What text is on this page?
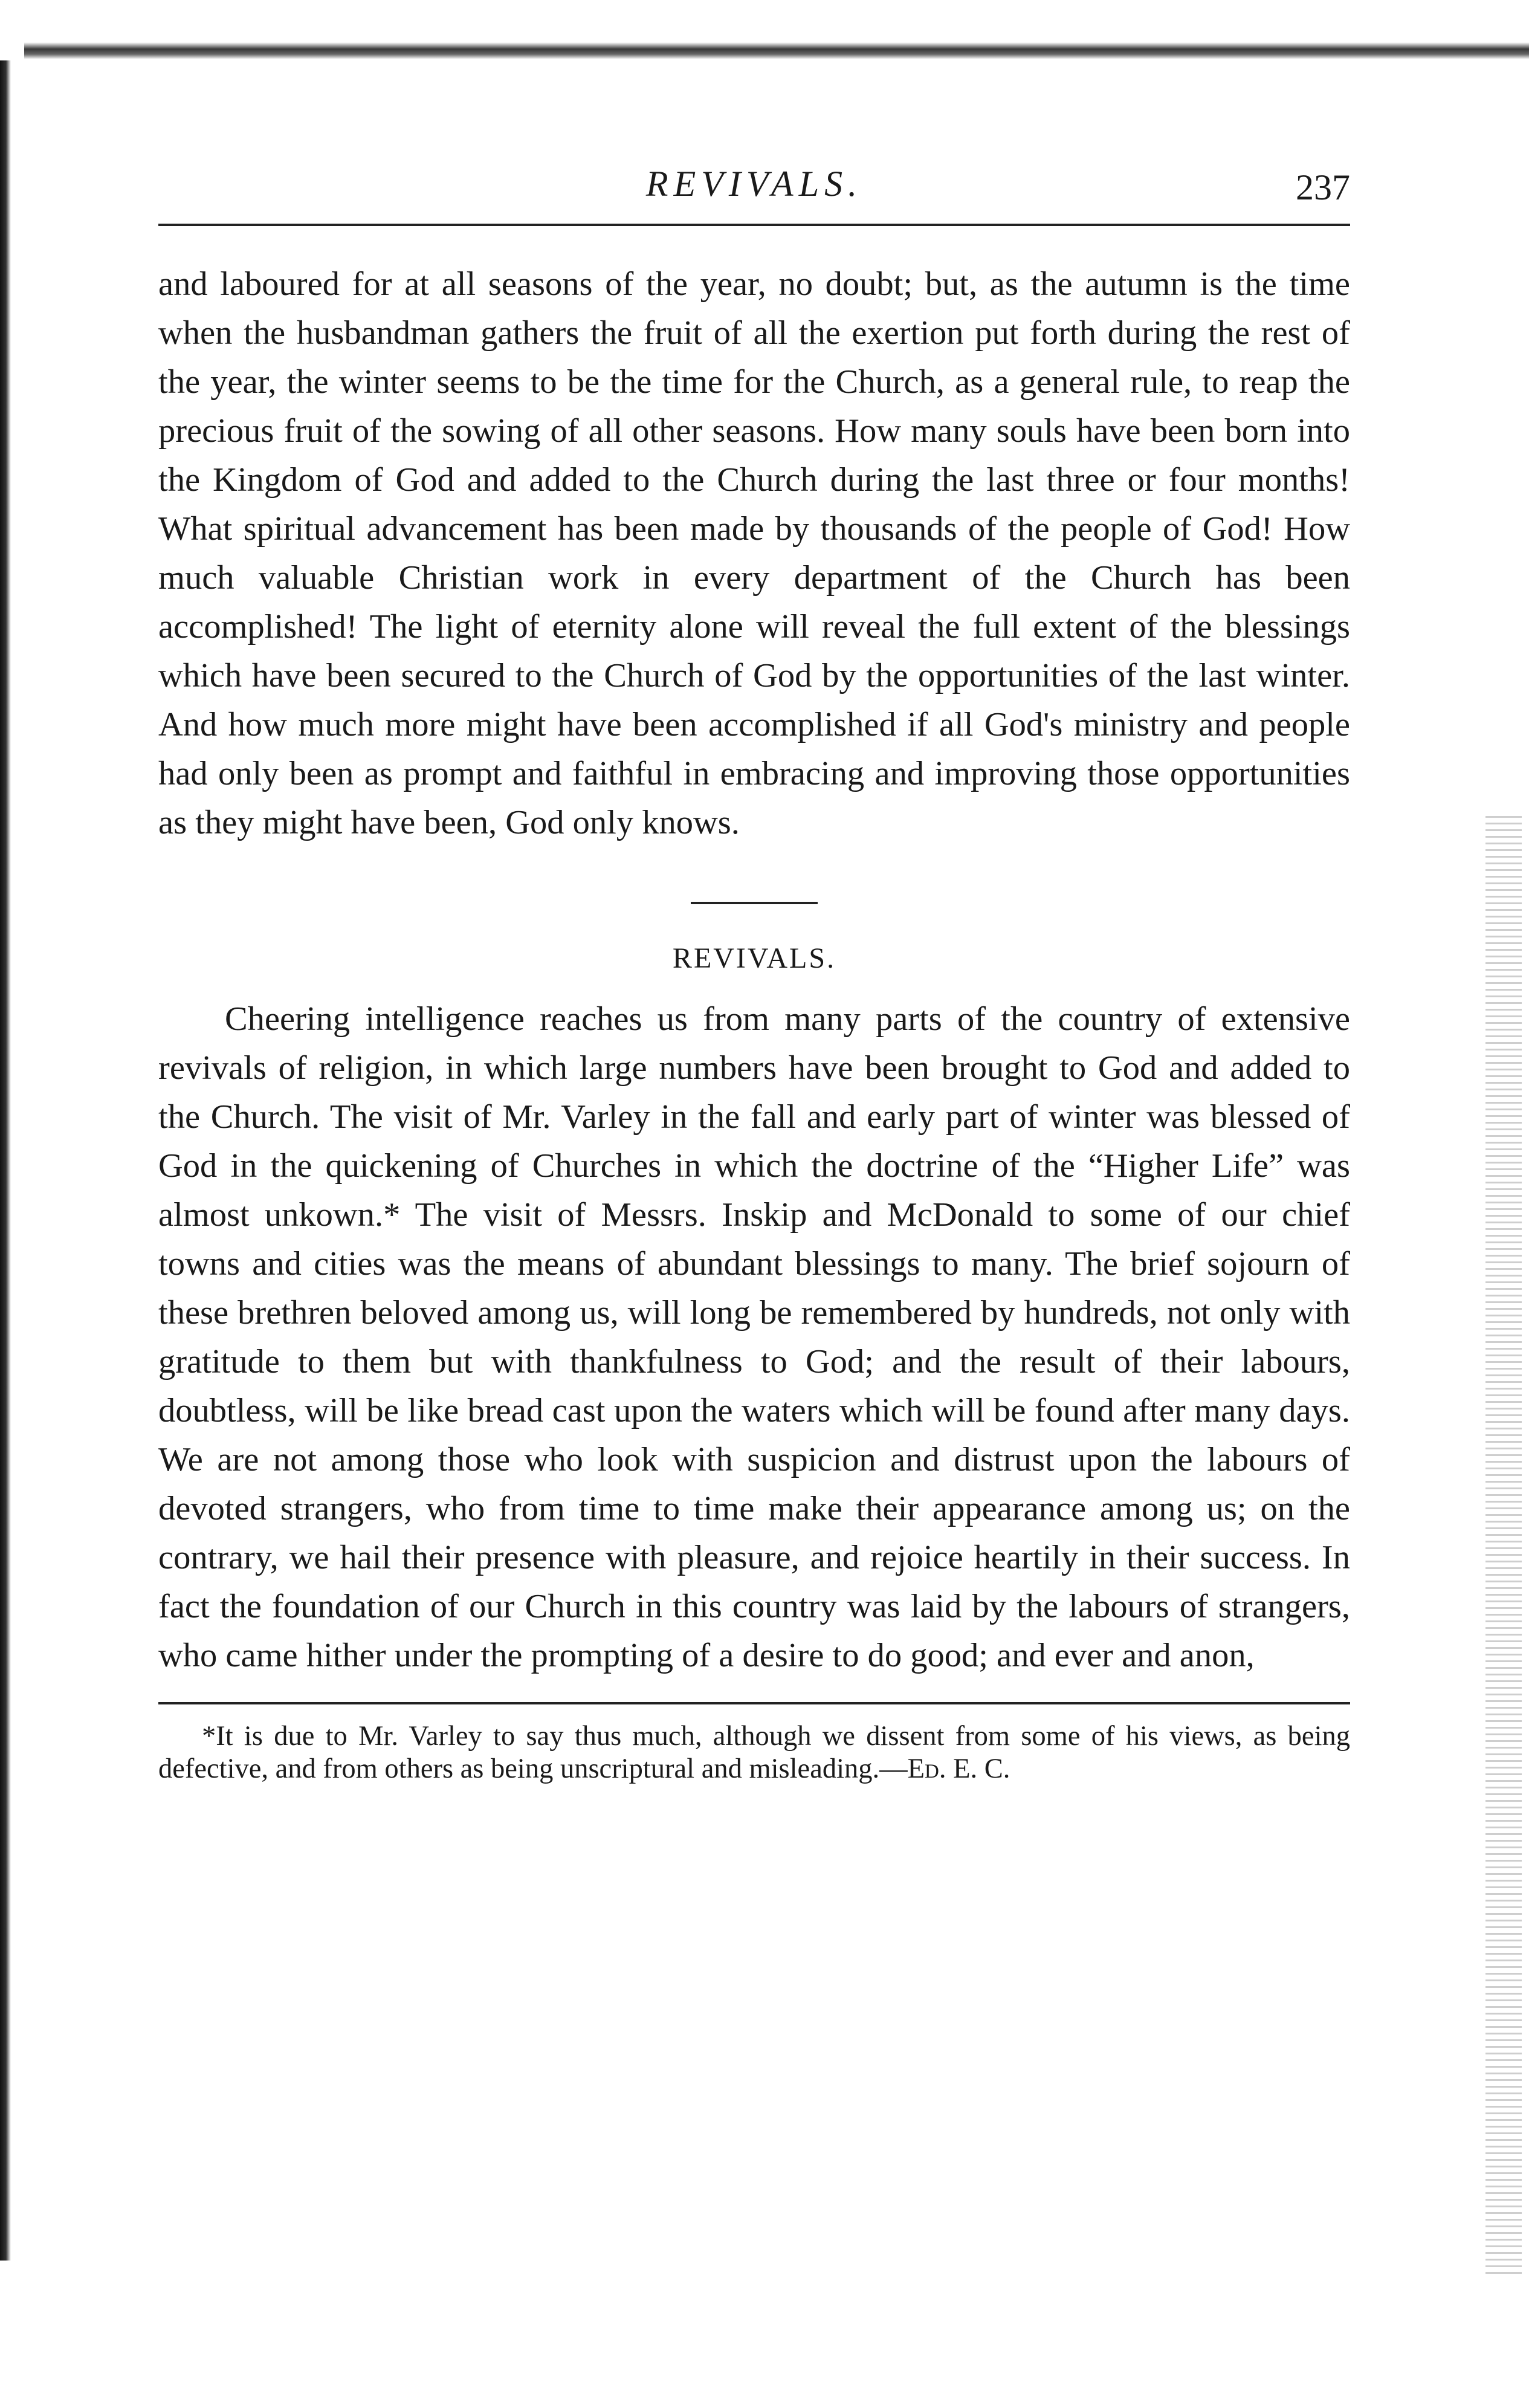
REVIVALS.	237

and laboured for at all seasons of the year, no doubt; but, as the autumn is the time when the husbandman gathers the fruit of all the exertion put forth during the rest of the year, the winter seems to be the time for the Church, as a general rule, to reap the precious fruit of the sowing of all other seasons. How many souls have been born into the Kingdom of God and added to the Church during the last three or four months! What spiritual advancement has been made by thousands of the people of God! How much valuable Christian work in every department of the Church has been accomplished! The light of eternity alone will reveal the full extent of the blessings which have been secured to the Church of God by the opportunities of the last winter. And how much more might have been accomplished if all God's ministry and people had only been as prompt and faithful in embracing and improving those opportunities as they might have been, God only knows.

REVIVALS.

Cheering intelligence reaches us from many parts of the country of extensive revivals of religion, in which large numbers have been brought to God and added to the Church. The visit of Mr. Varley in the fall and early part of winter was blessed of God in the quickening of Churches in which the doctrine of the “Higher Life” was almost unkown.* The visit of Messrs. Inskip and McDonald to some of our chief towns and cities was the means of abundant blessings to many. The brief sojourn of these brethren beloved among us, will long be remembered by hundreds, not only with gratitude to them but with thankfulness to God; and the result of their labours, doubtless, will be like bread cast upon the waters which will be found after many days. We are not among those who look with suspicion and distrust upon the labours of devoted strangers, who from time to time make their appearance among us; on the contrary, we hail their presence with pleasure, and rejoice heartily in their success. In fact the foundation of our Church in this country was laid by the labours of strangers, who came hither under the prompting of a desire to do good; and ever and anon,

*It is due to Mr. Varley to say thus much, although we dissent from some of his views, as being defective, and from others as being unscriptural and misleading.—Ed. E. C.
